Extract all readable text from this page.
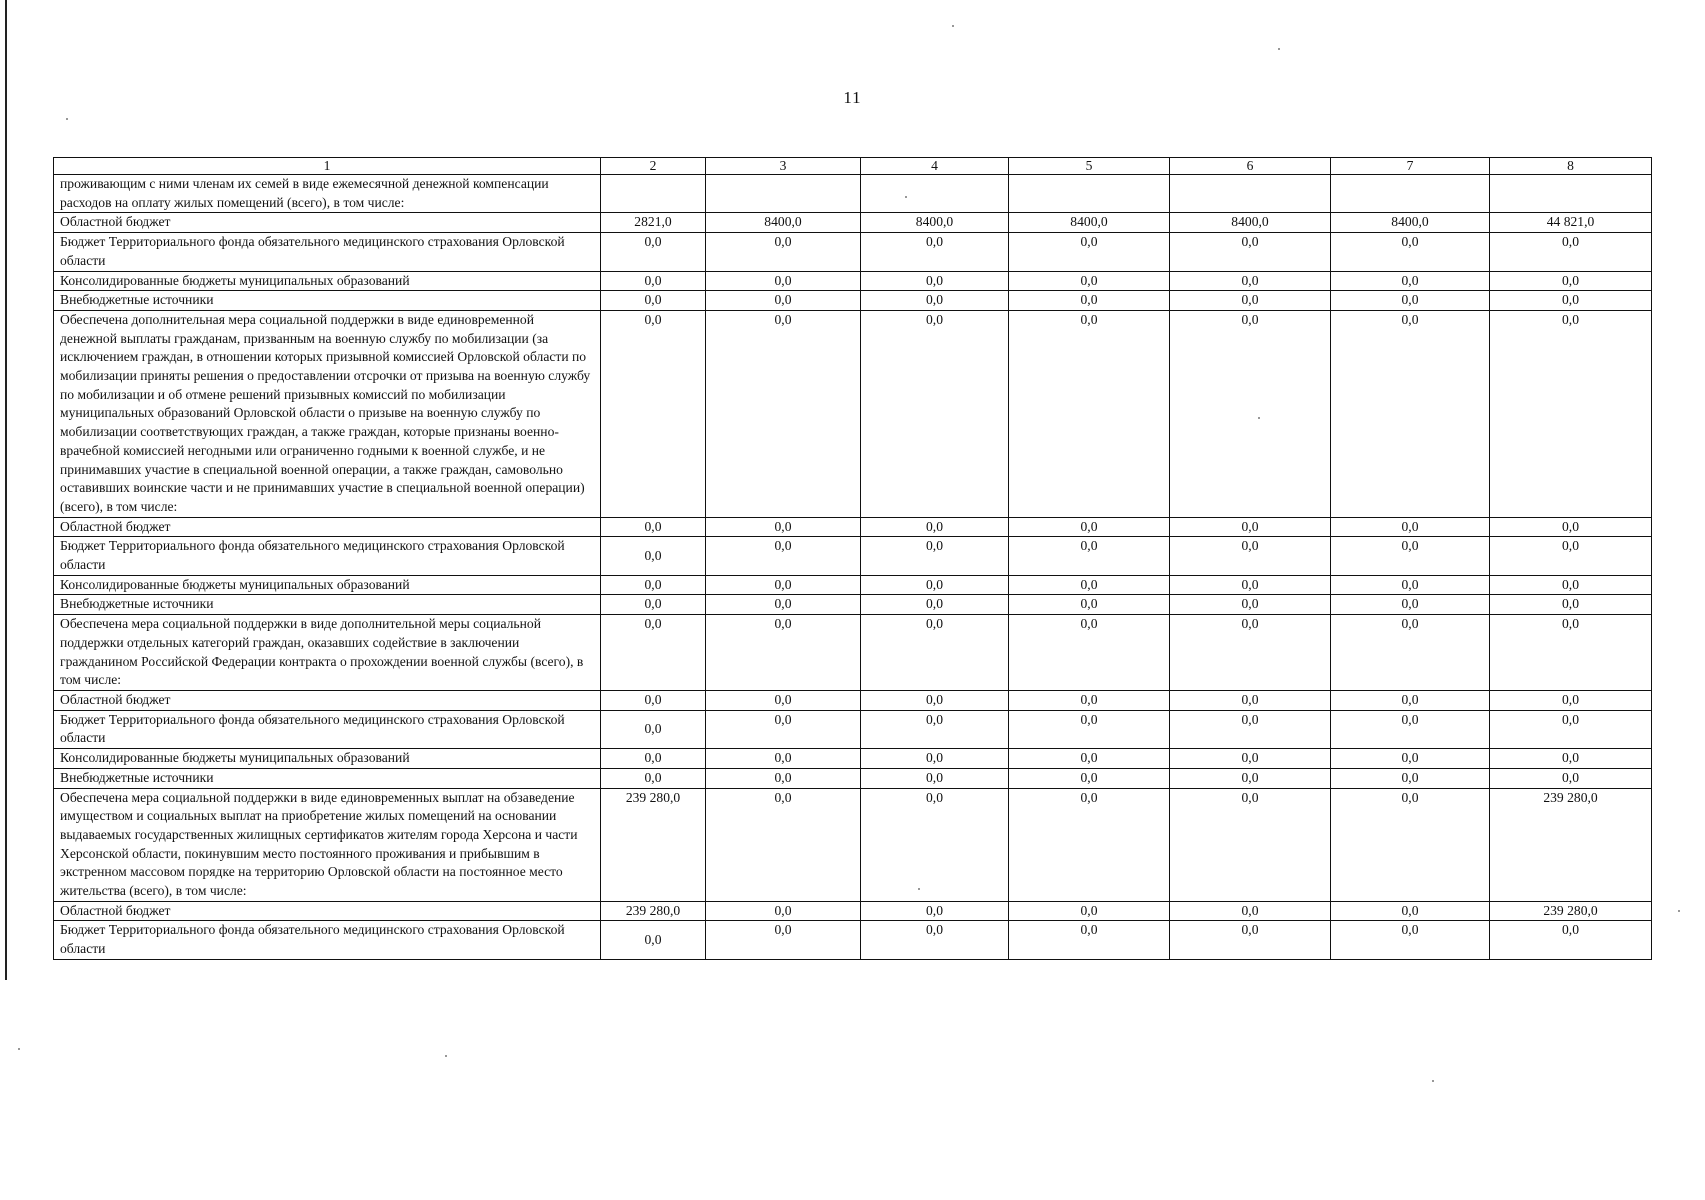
11
1	2	3	4	5	6	7	8
проживающим с ними членам их семей в виде ежемесячной денежной компенсации расходов на оплату жилых помещений (всего), в том числе:							
Областной бюджет	2821,0	8400,0	8400,0	8400,0	8400,0	8400,0	44 821,0
Бюджет Территориального фонда обязательного медицинского страхования Орловской области	0,0	0,0	0,0	0,0	0,0	0,0	0,0
Консолидированные бюджеты муниципальных образований	0,0	0,0	0,0	0,0	0,0	0,0	0,0
Внебюджетные источники	0,0	0,0	0,0	0,0	0,0	0,0	0,0
Обеспечена дополнительная мера социальной поддержки в виде единовременной денежной выплаты гражданам, призванным на военную службу по мобилизации (за исключением граждан, в отношении которых призывной комиссией Орловской области по мобилизации приняты решения о предоставлении отсрочки от призыва на военную службу по мобилизации и об отмене решений призывных комиссий по мобилизации муниципальных образований Орловской области о призыве на военную службу по мобилизации соответствующих граждан, а также граждан, которые признаны военно-врачебной комиссией негодными или ограниченно годными к военной службе, и не принимавших участие в специальной военной операции, а также граждан, самовольно оставивших воинские части и не принимавших участие в специальной военной операции) (всего), в том числе:	0,0	0,0	0,0	0,0	0,0	0,0	0,0
Областной бюджет	0,0	0,0	0,0	0,0	0,0	0,0	0,0
Бюджет Территориального фонда обязательного медицинского страхования Орловской области	0,0	0,0	0,0	0,0	0,0	0,0	0,0
Консолидированные бюджеты муниципальных образований	0,0	0,0	0,0	0,0	0,0	0,0	0,0
Внебюджетные источники	0,0	0,0	0,0	0,0	0,0	0,0	0,0
Обеспечена мера социальной поддержки в виде дополнительной меры социальной поддержки отдельных категорий граждан, оказавших содействие в заключении гражданином Российской Федерации контракта о прохождении военной службы (всего), в том числе:	0,0	0,0	0,0	0,0	0,0	0,0	0,0
Областной бюджет	0,0	0,0	0,0	0,0	0,0	0,0	0,0
Бюджет Территориального фонда обязательного медицинского страхования Орловской области	0,0	0,0	0,0	0,0	0,0	0,0	0,0
Консолидированные бюджеты муниципальных образований	0,0	0,0	0,0	0,0	0,0	0,0	0,0
Внебюджетные источники	0,0	0,0	0,0	0,0	0,0	0,0	0,0
Обеспечена мера социальной поддержки в виде единовременных выплат на обзаведение имуществом и социальных выплат на приобретение жилых помещений на основании выдаваемых государственных жилищных сертификатов жителям города Херсона и части Херсонской области, покинувшим место постоянного проживания и прибывшим в экстренном массовом порядке на территорию Орловской области на постоянное место жительства (всего), в том числе:	239 280,0	0,0	0,0	0,0	0,0	0,0	239 280,0
Областной бюджет	239 280,0	0,0	0,0	0,0	0,0	0,0	239 280,0
Бюджет Территориального фонда обязательного медицинского страхования Орловской области	0,0	0,0	0,0	0,0	0,0	0,0	0,0
